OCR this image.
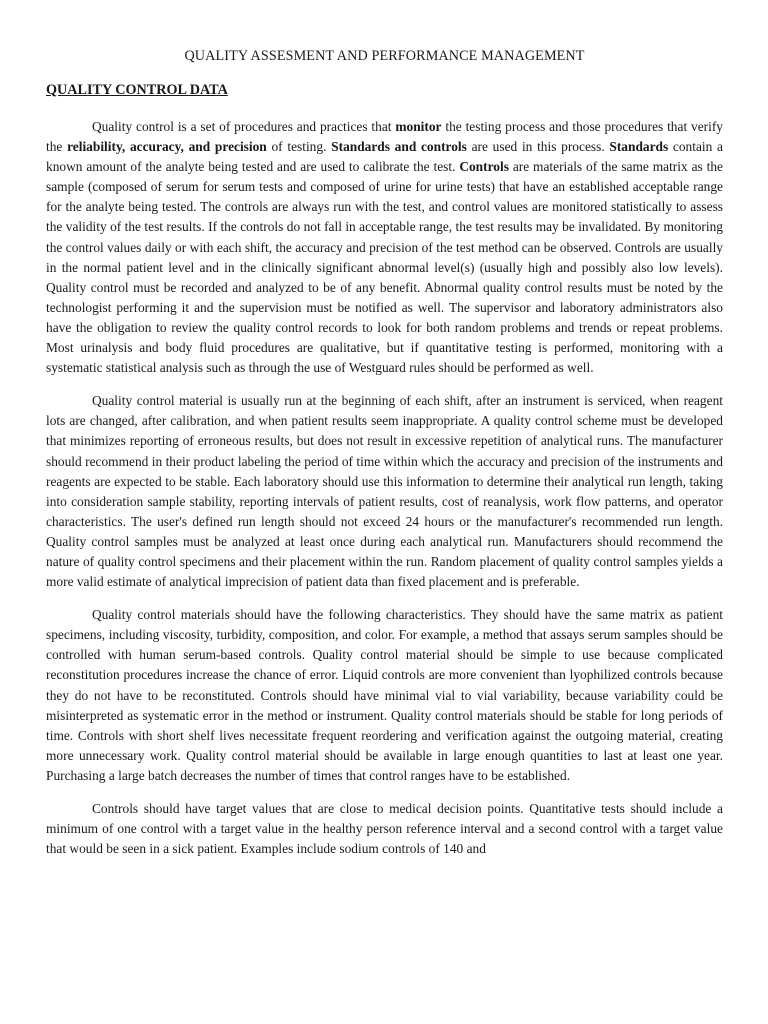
QUALITY ASSESMENT AND PERFORMANCE MANAGEMENT
QUALITY CONTROL DATA

Quality control is a set of procedures and practices that monitor the testing process and those procedures that verify the reliability, accuracy, and precision of testing. Standards and controls are used in this process. Standards contain a known amount of the analyte being tested and are used to calibrate the test. Controls are materials of the same matrix as the sample (composed of serum for serum tests and composed of urine for urine tests) that have an established acceptable range for the analyte being tested. The controls are always run with the test, and control values are monitored statistically to assess the validity of the test results. If the controls do not fall in acceptable range, the test results may be invalidated. By monitoring the control values daily or with each shift, the accuracy and precision of the test method can be observed. Controls are usually in the normal patient level and in the clinically significant abnormal level(s) (usually high and possibly also low levels). Quality control must be recorded and analyzed to be of any benefit. Abnormal quality control results must be noted by the technologist performing it and the supervision must be notified as well. The supervisor and laboratory administrators also have the obligation to review the quality control records to look for both random problems and trends or repeat problems. Most urinalysis and body fluid procedures are qualitative, but if quantitative testing is performed, monitoring with a systematic statistical analysis such as through the use of Westguard rules should be performed as well.

Quality control material is usually run at the beginning of each shift, after an instrument is serviced, when reagent lots are changed, after calibration, and when patient results seem inappropriate. A quality control scheme must be developed that minimizes reporting of erroneous results, but does not result in excessive repetition of analytical runs. The manufacturer should recommend in their product labeling the period of time within which the accuracy and precision of the instruments and reagents are expected to be stable. Each laboratory should use this information to determine their analytical run length, taking into consideration sample stability, reporting intervals of patient results, cost of reanalysis, work flow patterns, and operator characteristics. The user's defined run length should not exceed 24 hours or the manufacturer's recommended run length. Quality control samples must be analyzed at least once during each analytical run. Manufacturers should recommend the nature of quality control specimens and their placement within the run. Random placement of quality control samples yields a more valid estimate of analytical imprecision of patient data than fixed placement and is preferable.

Quality control materials should have the following characteristics. They should have the same matrix as patient specimens, including viscosity, turbidity, composition, and color. For example, a method that assays serum samples should be controlled with human serum-based controls. Quality control material should be simple to use because complicated reconstitution procedures increase the chance of error. Liquid controls are more convenient than lyophilized controls because they do not have to be reconstituted. Controls should have minimal vial to vial variability, because variability could be misinterpreted as systematic error in the method or instrument. Quality control materials should be stable for long periods of time. Controls with short shelf lives necessitate frequent reordering and verification against the outgoing material, creating more unnecessary work. Quality control material should be available in large enough quantities to last at least one year. Purchasing a large batch decreases the number of times that control ranges have to be established.

Controls should have target values that are close to medical decision points. Quantitative tests should include a minimum of one control with a target value in the healthy person reference interval and a second control with a target value that would be seen in a sick patient. Examples include sodium controls of 140 and
